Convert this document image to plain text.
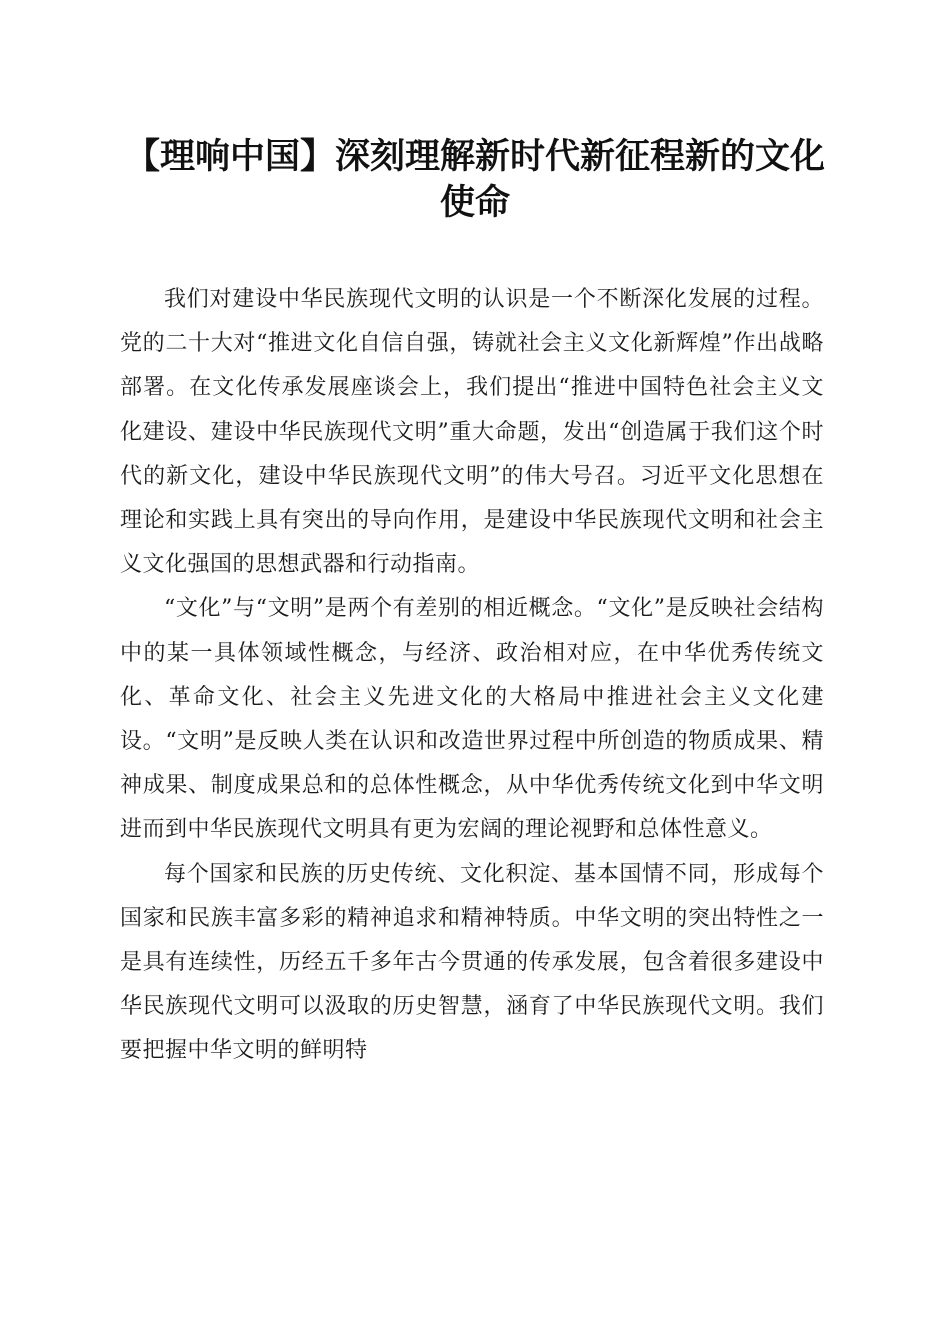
【理响中国】深刻理解新时代新征程新的文化使命

我们对建设中华民族现代文明的认识是一个不断深化发展的过程。党的二十大对“推进文化自信自强，铸就社会主义文化新辉煌”作出战略部署。在文化传承发展座谈会上，我们提出“推进中国特色社会主义文化建设、建设中华民族现代文明”重大命题，发出“创造属于我们这个时代的新文化，建设中华民族现代文明”的伟大号召。习近平文化思想在理论和实践上具有突出的导向作用，是建设中华民族现代文明和社会主义文化强国的思想武器和行动指南。

“文化”与“文明”是两个有差别的相近概念。“文化”是反映社会结构中的某一具体领域性概念，与经济、政治相对应，在中华优秀传统文化、革命文化、社会主义先进文化的大格局中推进社会主义文化建设。“文明”是反映人类在认识和改造世界过程中所创造的物质成果、精神成果、制度成果总和的总体性概念，从中华优秀传统文化到中华文明进而到中华民族现代文明具有更为宏阔的理论视野和总体性意义。

每个国家和民族的历史传统、文化积淀、基本国情不同，形成每个国家和民族丰富多彩的精神追求和精神特质。中华文明的突出特性之一是具有连续性，历经五千多年古今贯通的传承发展，包含着很多建设中华民族现代文明可以汲取的历史智慧，涵育了中华民族现代文明。我们要把握中华文明的鲜明特
